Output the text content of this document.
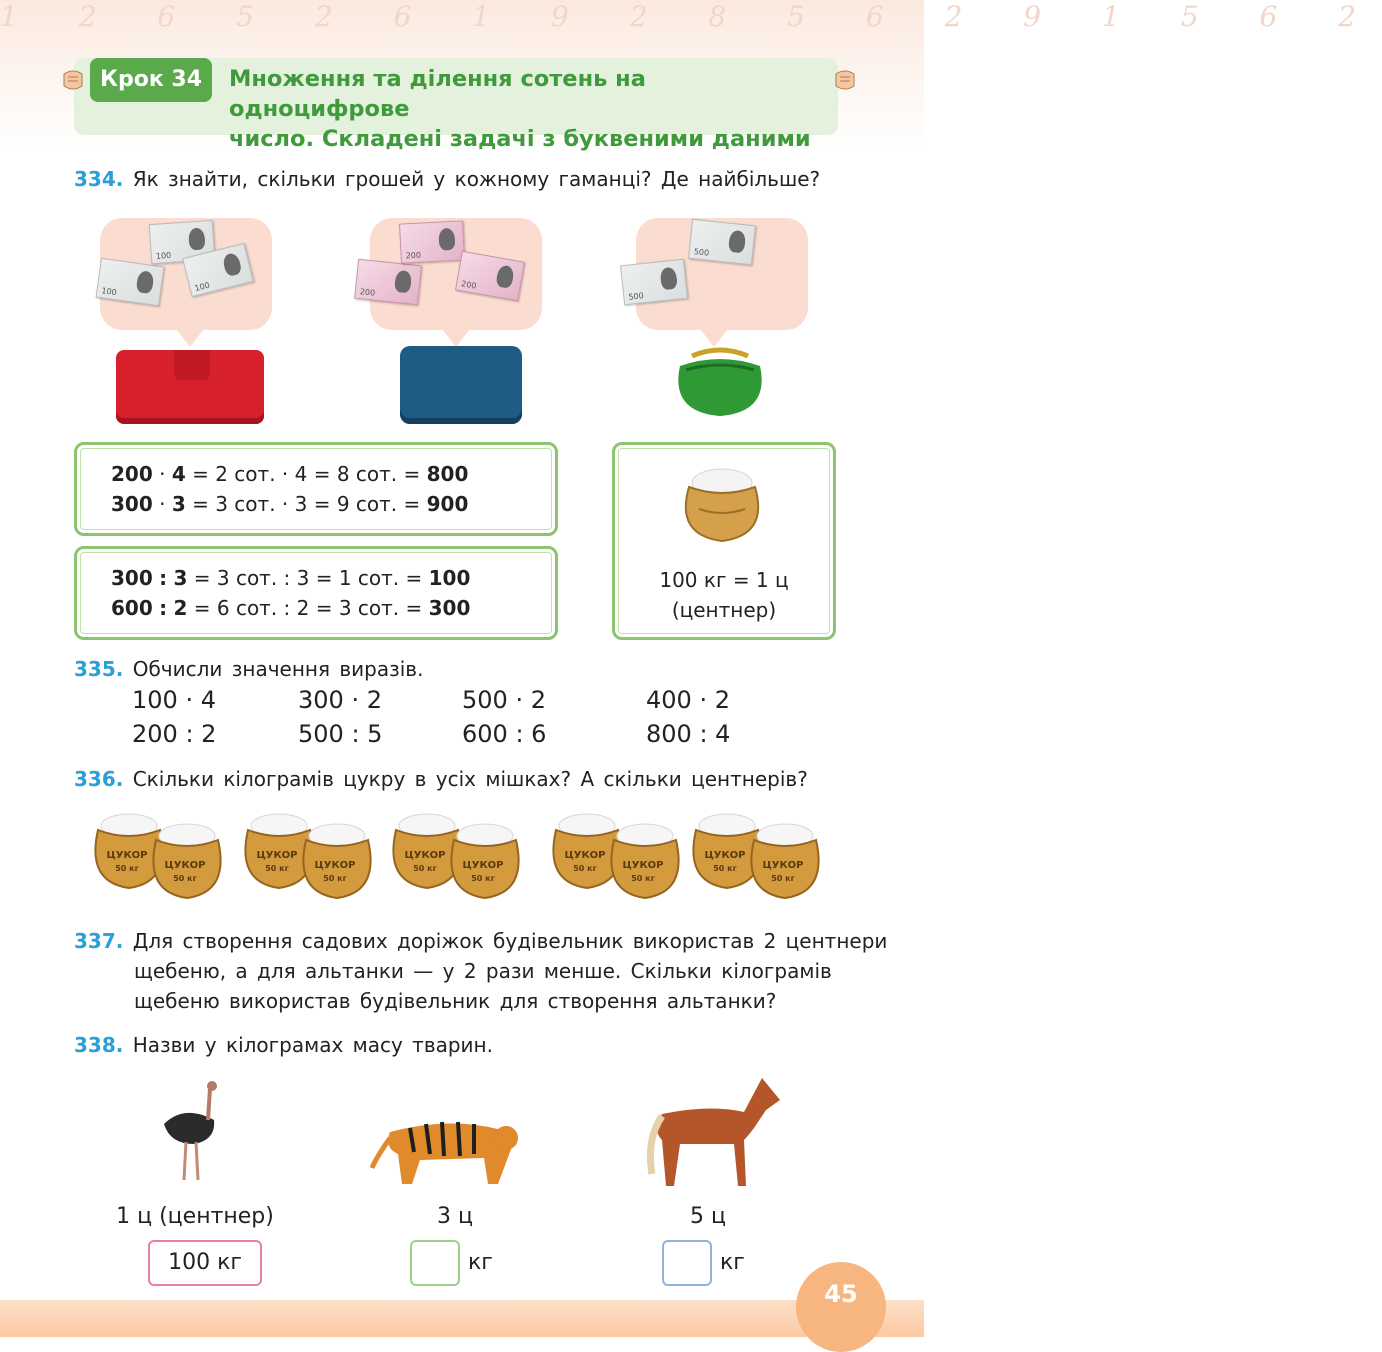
1 2 6 5 2 6 1 9 2 8 5 6 2 9 1 5 6 2
Крок 34	Множення та ділення сотень на одноцифрове
число. Складені задачі з буквеними даними
334. Як знайти, скільки грошей у кожному гаманці? Де найбільше?
100
100
100	200
200
200
500
500
200 · 4 = 2 сот. · 4 = 8 сот. = 800
300 · 3 = 3 сот. · 3 = 9 сот. = 900
300 : 3 = 3 сот. : 3 = 1 сот. = 100
600 : 2 = 6 сот. : 2 = 3 сот. = 300
100 кг = 1 ц
(центнер)
335. Обчисли значення виразів.
100 · 4	300 · 2	500 · 2	400 · 2
200 : 2	500 : 5	600 : 6	800 : 4
336. Скільки кілограмів цукру в усіх мішках? А скільки центнерів?
ЦУКОР
50 кг	ЦУКОР
50 кг
ЦУКОР
50 кг	ЦУКОР
50 кг
ЦУКОР
50 кг	ЦУКОР
50 кг
ЦУКОР
50 кг	ЦУКОР
50 кг
ЦУКОР
50 кг	ЦУКОР
50 кг
337. Для створення садових доріжок будівельник використав 2 центнери
щебеню, а для альтанки — у 2 рази менше. Скільки кілограмів
щебеню використав будівельник для створення альтанки?
338. Назви у кілограмах масу тварин.
1 ц (центнер)	3 ц	5 ц
100 кг	кг	кг
45
